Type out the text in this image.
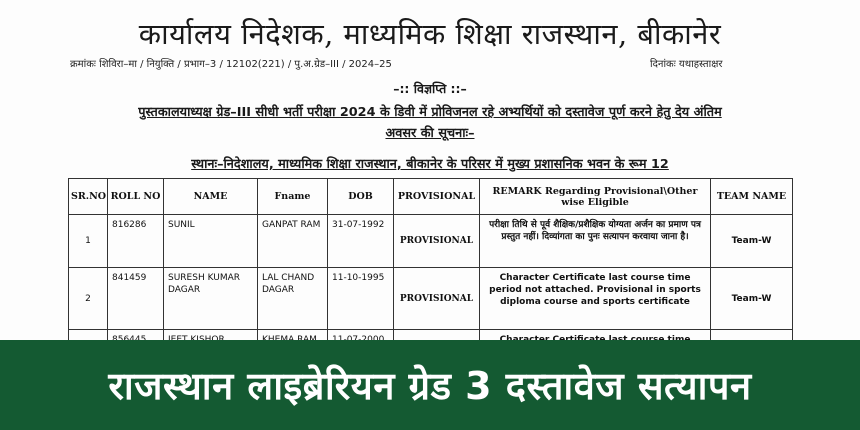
कार्यालय निदेशक, माध्यमिक शिक्षा राजस्थान, बीकानेर
क्रमांकः शिविरा–मा / नियुक्ति / प्रभाग–3 / 12102(221) / पु.अ.ग्रेड–III / 2024–25	दिनांकः यथाहस्ताक्षर
–:: विज्ञप्ति ::–
पुस्तकालयाध्यक्ष ग्रेड–III सीधी भर्ती परीक्षा 2024 के डिवी में प्रोविजनल रहे अभ्यर्थियों को दस्तावेज पूर्ण करने हेतु देय अंतिम
अवसर की सूचनाः–
स्थानः–निदेशालय, माध्यमिक शिक्षा राजस्थान, बीकानेर के परिसर में मुख्य प्रशासनिक भवन के रूम 12
SR.NO	ROLL NO	NAME	Fname	DOB	PROVISIONAL	REMARK Regarding Provisional\Other wise Eligible	TEAM NAME
1	816286	SUNIL	GANPAT RAM	31-07-1992	PROVISIONAL	परीक्षा तिथि से पूर्व शैक्षिक/प्रशैक्षिक योग्यता अर्जन का प्रमाण पत्र प्रस्तुत नहीं। दिव्यांगता का पुनः सत्यापन करवाया जाना है।	Team-W
2	841459	SURESH KUMAR DAGAR	LAL CHAND DAGAR	11-10-1995	PROVISIONAL	Character Certificate last course time period not attached. Provisional in sports diploma course and sports certificate	Team-W

राजस्थान लाइब्रेरियन ग्रेड 3 दस्तावेज सत्यापन
